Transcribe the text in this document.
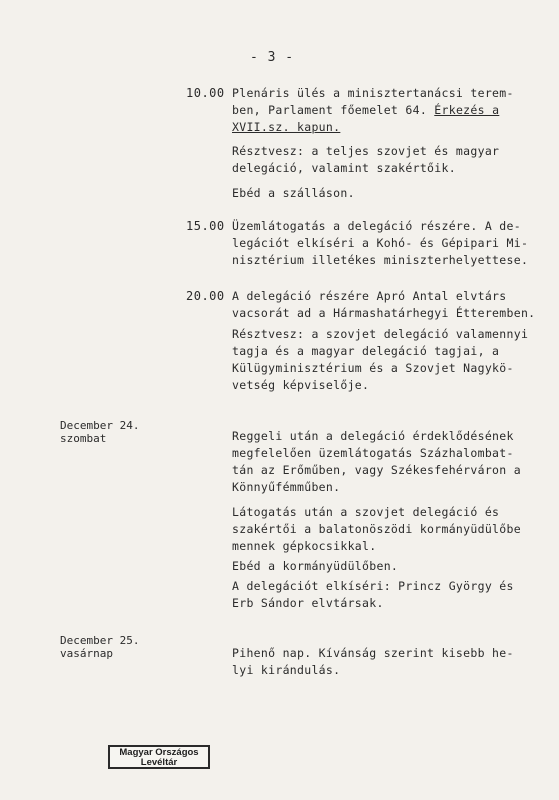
- 3 -
10.00 Plenáris ülés a minisztertanácsi terem-
ben, Parlament főemelet 64. Érkezés a
XVII.sz. kapun.
Résztvesz: a teljes szovjet és magyar
delegáció, valamint szakértőik.
Ebéd a szálláson.
15.00 Üzemlátogatás a delegáció részére. A de-
legációt elkíséri a Kohó- és Gépipari Mi-
nisztérium illetékes miniszterhelyettese.
20.00 A delegáció részére Apró Antal elvtárs
vacsorát ad a Hármashatárhegyi Étteremben.
Résztvesz: a szovjet delegáció valamennyi
tagja és a magyar delegáció tagjai, a
Külügyminisztérium és a Szovjet Nagykö-
vetség képviselője.
December 24.
szombat	Reggeli után a delegáció érdeklődésének
megfelelően üzemlátogatás Százhalombat-
tán az Erőműben, vagy Székesfehérváron a
Könnyűfémműben.
Látogatás után a szovjet delegáció és
szakértői a balatonöszödi kormányüdülőbe
mennek gépkocsikkal.
Ebéd a kormányüdülőben.
A delegációt elkíséri: Princz György és
Erb Sándor elvtársak.
December 25.
vasárnap	Pihenő nap. Kívánság szerint kisebb he-
lyi kirándulás.
Magyar Országos
Levéltár
